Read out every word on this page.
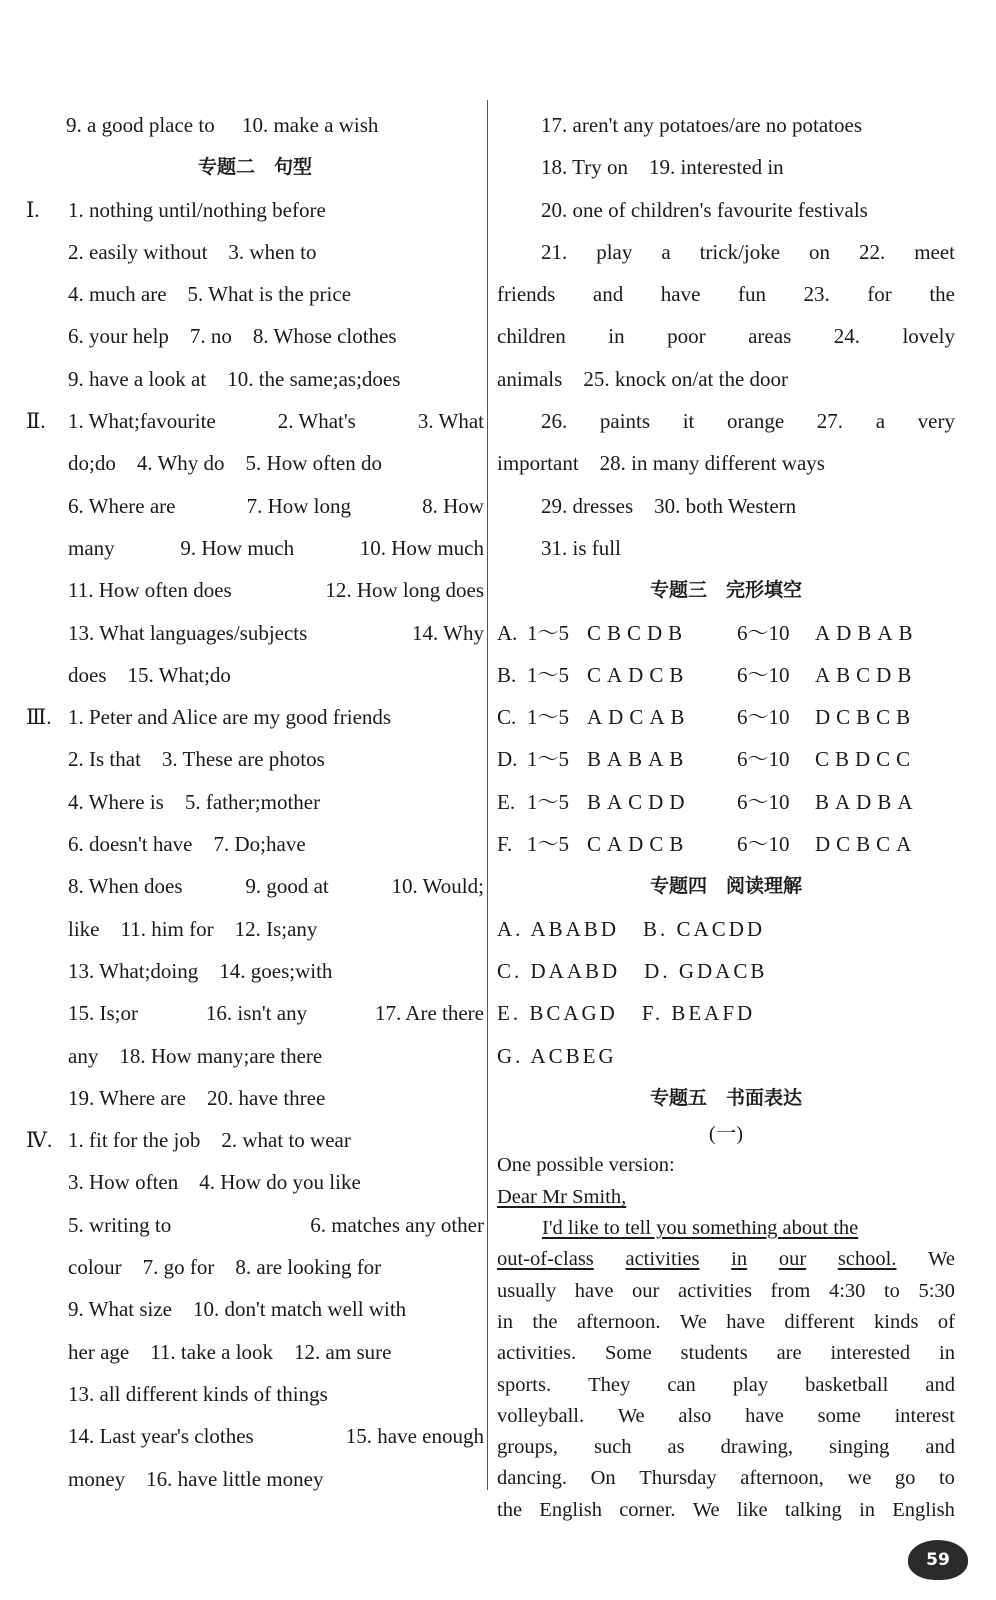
9. a good place to 10. make a wish
专题二　句型
Ⅰ.	1. nothing until/nothing before
2. easily without　3. when to
4. much are　5. What is the price
6. your help　7. no　8. Whose clothes
9. have a look at　10. the same;as;does
Ⅱ.	1. What;favourite	2. What's	3. What
do;do　4. Why do　5. How often do
6. Where are	7. How long	8. How
many	9. How much	10. How much
11. How often does	12. How long does
13. What languages/subjects	14. Why
does　15. What;do
Ⅲ. 1. Peter and Alice are my good friends
2. Is that　3. These are photos
4. Where is　5. father;mother
6. doesn't have　7. Do;have
8. When does	9. good at	10. Would;
like　11. him for　12. Is;any
13. What;doing　14. goes;with
15. Is;or	16. isn't any	17. Are there
any　18. How many;are there
19. Where are　20. have three
Ⅳ. 1. fit for the job　2. what to wear
3. How often　4. How do you like
5. writing to	6. matches any other
colour　7. go for　8. are looking for
9. What size　10. don't match well with
her age　11. take a look　12. am sure
13. all different kinds of things
14. Last year's clothes	15. have enough
money　16. have little money
17. aren't any potatoes/are no potatoes
18. Try on　19. interested in
20. one of children's favourite festivals
21. play a trick/joke on 22. meet
friends and have fun 23. for the
children in poor areas 24. lovely
animals　25. knock on/at the door
26. paints it orange 27. a very
important　28. in many different ways
29. dresses　30. both Western
31. is full
专题三　完形填空
A. 1～5 CBCDB	6～10	ADBAB
B. 1～5 CADCB	6～10	ABCDB
C. 1～5 ADCAB	6～10	DCBCB
D. 1～5 BABAB	6～10	CBDCC
E. 1～5 BACDD	6～10	BADBA
F. 1～5 CADCB	6～10	DCBCA
专题四　阅读理解
A. ABABD　B. CACDD
C. DAABD　D. GDACB
E. BCAGD　F. BEAFD
G. ACBEG
专题五　书面表达
(一)
One possible version:
Dear Mr Smith,
I'd like to tell you something about the
out-of-class activities in our school. We
usually have our activities from 4:30 to 5:30
in the afternoon. We have different kinds of
activities. Some students are interested in
sports. They can play basketball and
volleyball. We also have some interest
groups, such as drawing, singing and
dancing. On Thursday afternoon, we go to
the English corner. We like talking in English
59
